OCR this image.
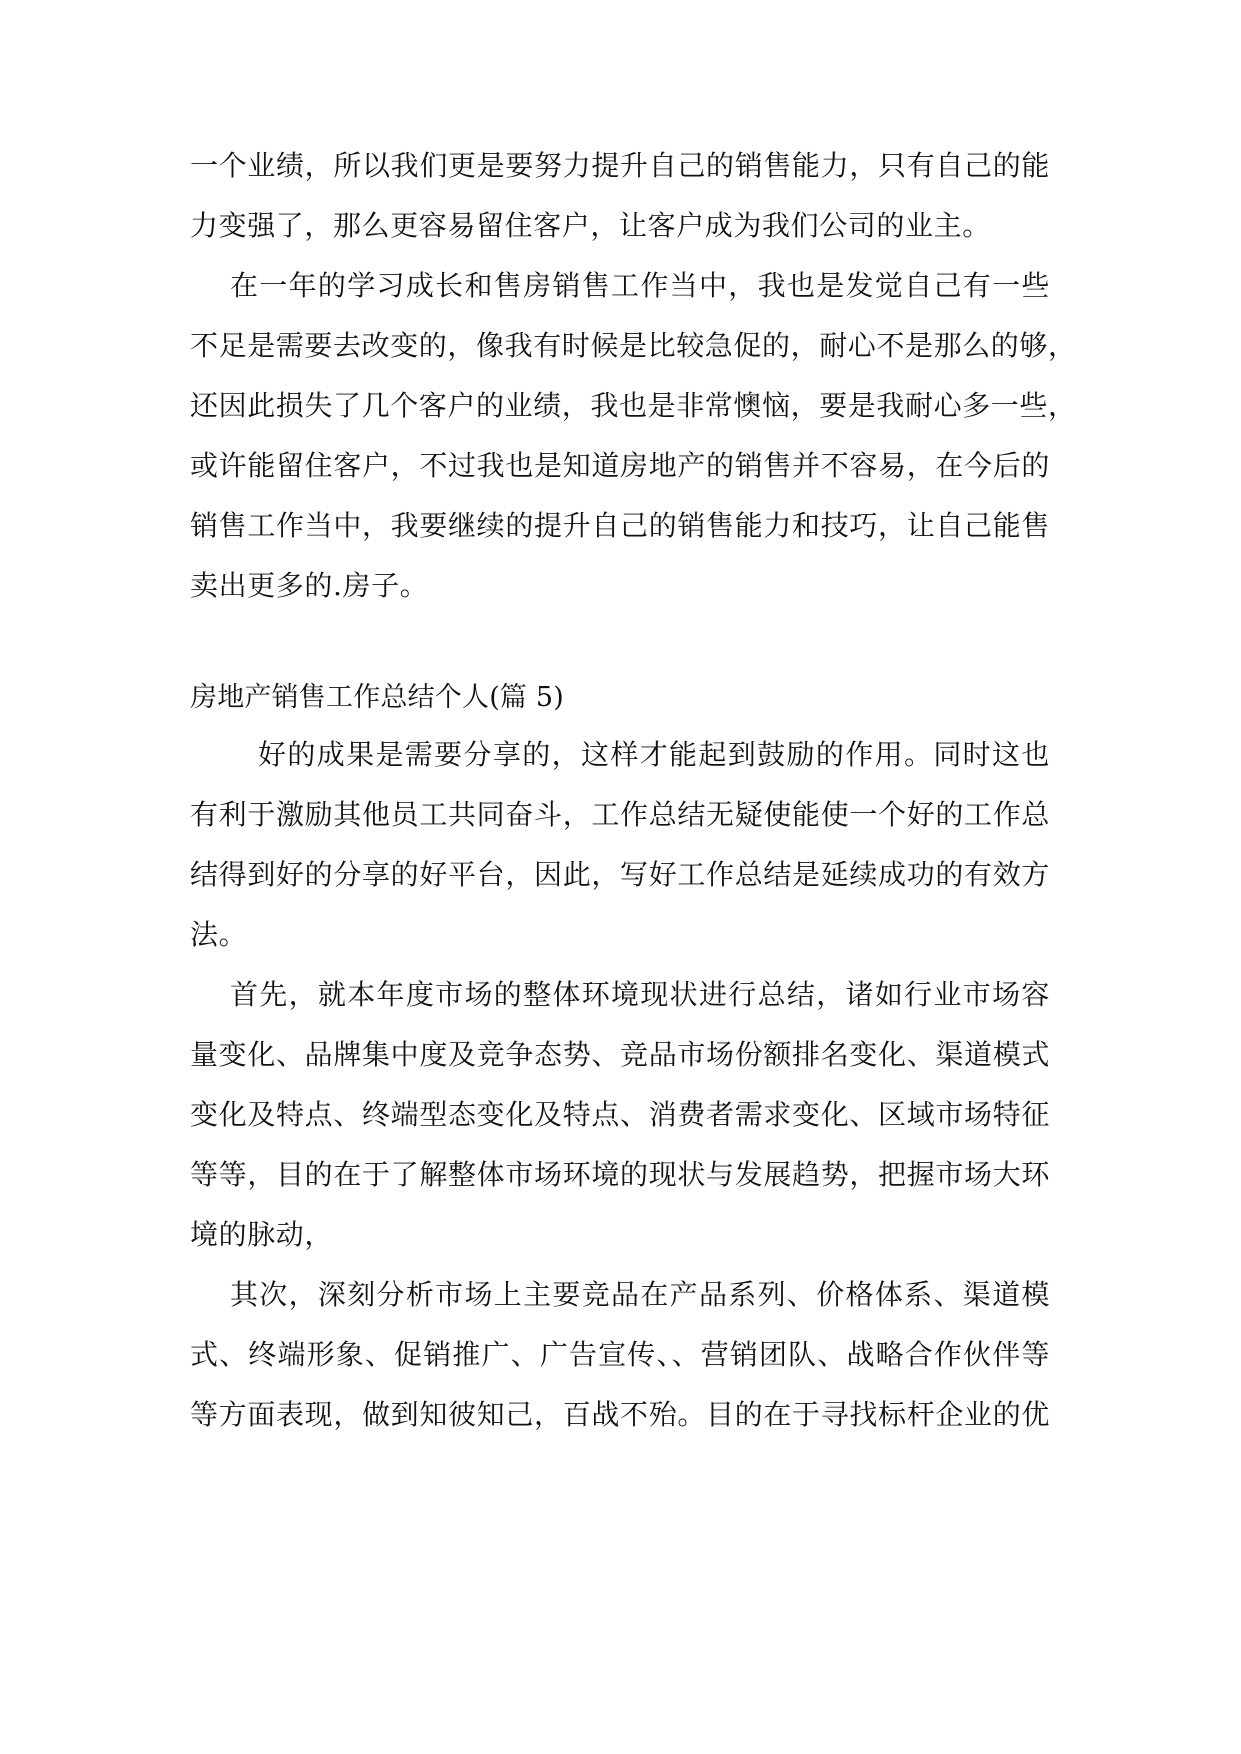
一个业绩，所以我们更是要努力提升自己的销售能力，只有自己的能
力变强了，那么更容易留住客户，让客户成为我们公司的业主。
在一年的学习成长和售房销售工作当中，我也是发觉自己有一些
不足是需要去改变的，像我有时候是比较急促的，耐心不是那么的够，
还因此损失了几个客户的业绩，我也是非常懊恼，要是我耐心多一些，
或许能留住客户，不过我也是知道房地产的销售并不容易，在今后的
销售工作当中，我要继续的提升自己的销售能力和技巧，让自己能售
卖出更多的.房子。
房地产销售工作总结个人(篇 5)
好的成果是需要分享的，这样才能起到鼓励的作用。同时这也
有利于激励其他员工共同奋斗，工作总结无疑使能使一个好的工作总
结得到好的分享的好平台，因此，写好工作总结是延续成功的有效方
法。
首先，就本年度市场的整体环境现状进行总结，诸如行业市场容
量变化、品牌集中度及竞争态势、竞品市场份额排名变化、渠道模式
变化及特点、终端型态变化及特点、消费者需求变化、区域市场特征
等等，目的在于了解整体市场环境的现状与发展趋势，把握市场大环
境的脉动，
其次，深刻分析市场上主要竞品在产品系列、价格体系、渠道模
式、终端形象、促销推广、广告宣传、、营销团队、战略合作伙伴等
等方面表现，做到知彼知己，百战不殆。目的在于寻找标杆企业的优
